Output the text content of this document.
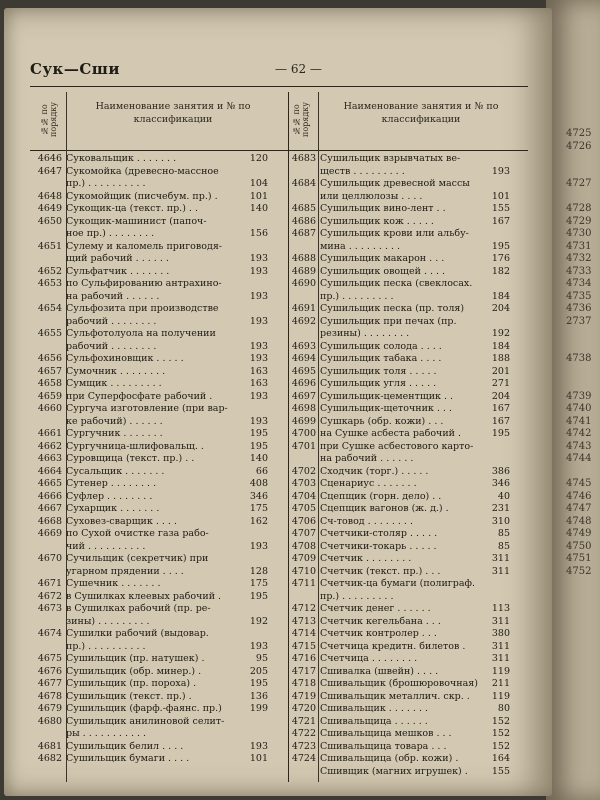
4725
4726
4727
4728
4729
4730
4731
4732
4733
4734
4735
4736
2737
4738
4739
4740
4741
4742
4743
4744
4745
4746
4747
4748
4749
4750
4751
4752
Сук—Сши	— 62 —
№№ по порядку	Наименование занятия и № по классификации	№№ по порядку	Наименование занятия и № по классификации
4646 Суковальщик . . . . . . .	120
4647 Сукомойка (древесно-массное
пр.) . . . . . . . . . .	104
4648 Сукомойщик (писчебум. пр.) .	101
4649 Сукощик-ца (текст. пр.) . .	140
4650 Сукощик-машинист (папоч-
ное пр.) . . . . . . . .	156
4651 Сулему и каломель приговодя-
щий рабочий . . . . . .	193
4652 Сульфатчик . . . . . . .	193
4653 по Сульфированию антрахино-
на рабочий . . . . . .	193
4654 Сульфозита при производстве
рабочий . . . . . . . .	193
4655 Сульфотолуола на получении
рабочий . . . . . . . .	193
4656 Сульфохиновщик . . . . .	193
4657 Сумочник . . . . . . . .	163
4658 Сумщик . . . . . . . . .	163
4659 при Суперфосфате рабочий .	193
4660 Сургуча изготовление (при вар-
ке рабочий) . . . . . .	193
4661 Сургучник . . . . . . .	195
4662 Сургучница-шлифовальщ. .	195
4663 Суровщица (текст. пр.) . .	140
4664 Сусальщик . . . . . . .	66
4665 Сутенер . . . . . . . .	408
4666 Суфлер . . . . . . . .	346
4667 Сухарщик . . . . . . .	175
4668 Суховез-сварщик . . . .	162
4669 по Сухой очистке газа рабо-
чий . . . . . . . . . .	193
4670 Сучильщик (секретчик) при
угарном прядении . . . .	128
4671 Сушечник . . . . . . .	175
4672 в Сушилках клеевых рабочий .	195
4673 в Сушилках рабочий (пр. ре-
зины) . . . . . . . . .	192
4674 Сушилки рабочий (выдовар.
пр.) . . . . . . . . . .	193
4675 Сушильщик (пр. натушек) .	95
4676 Сушильщик (обр. минер.) .	205
4677 Сушильщик (пр. пороха) .	195
4678 Сушильщик (текст. пр.) .	136
4679 Сушильщик (фарф.-фаянс. пр.)	199
4680 Сушильщик анилиновой селит-
ры . . . . . . . . . . .
4681 Сушильщик белил . . . .	193
4682 Сушильщик бумаги . . . .	101
4683 Сушильщик взрывчатых ве-
ществ . . . . . . . . .	193
4684 Сушильщик древесной массы
или целлюлозы . . . .	101
4685 Сушильщик вино-лент . .	155
4686 Сушильщик кож . . . . .	167
4687 Сушильщик крови или альбу-
мина . . . . . . . . .	195
4688 Сушильщик макарон . . .	176
4689 Сушильщик овощей . . . .	182
4690 Сушильщик песка (свеклосах.
пр.) . . . . . . . . .	184
4691 Сушильщик песка (пр. толя)	204
4692 Сушильщик при печах (пр.
резины) . . . . . . . .	192
4693 Сушильщик солода . . . .	184
4694 Сушильщик табака . . . .	188
4695 Сушильщик толя . . . . .	201
4696 Сушильщик угля . . . . .	271
4697 Сушильщик-цементщик . .	204
4698 Сушильщик-щеточник . . .	167
4699 Сушкарь (обр. кожи) . . .	167
4700 на Сушке асбеста рабочий .	195
4701 при Сушке асбестового карто-
на рабочий . . . . . .
4702 Сходчик (торг.) . . . . .	386
4703 Сценариус . . . . . . .	346
4704 Сцепщик (горн. дело) . .	40
4705 Сцепщик вагонов (ж. д.) .	231
4706 Сч-товод . . . . . . . .	310
4707 Счетчики-столяр . . . . .	85
4708 Счетчики-токарь . . . . .	85
4709 Счетчик . . . . . . . .	311
4710 Счетчик (текст. пр.) . . .	311
4711 Счетчик-ца бумаги (полиграф.
пр.) . . . . . . . . .
4712 Счетчик денег . . . . . .	113
4713 Счетчик кегельбана . . .	311
4714 Счетчик контролер . . .	380
4715 Счетчица кредитн. билетов .	311
4716 Счетчица . . . . . . . .	311
4717 Сшивалка (швейн) . . . .	119
4718 Сшивальщик (брошюровочная)	211
4719 Сшивальщик металлич. скр. .	119
4720 Сшивальщик . . . . . . .	80
4721 Сшивальщица . . . . . .	152
4722 Сшивальщица мешков . . .	152
4723 Сшивальщица товара . . .	152
4724 Сшивальщица (обр. кожи) .	164
Сшивщик (магних игрушек) .	155
